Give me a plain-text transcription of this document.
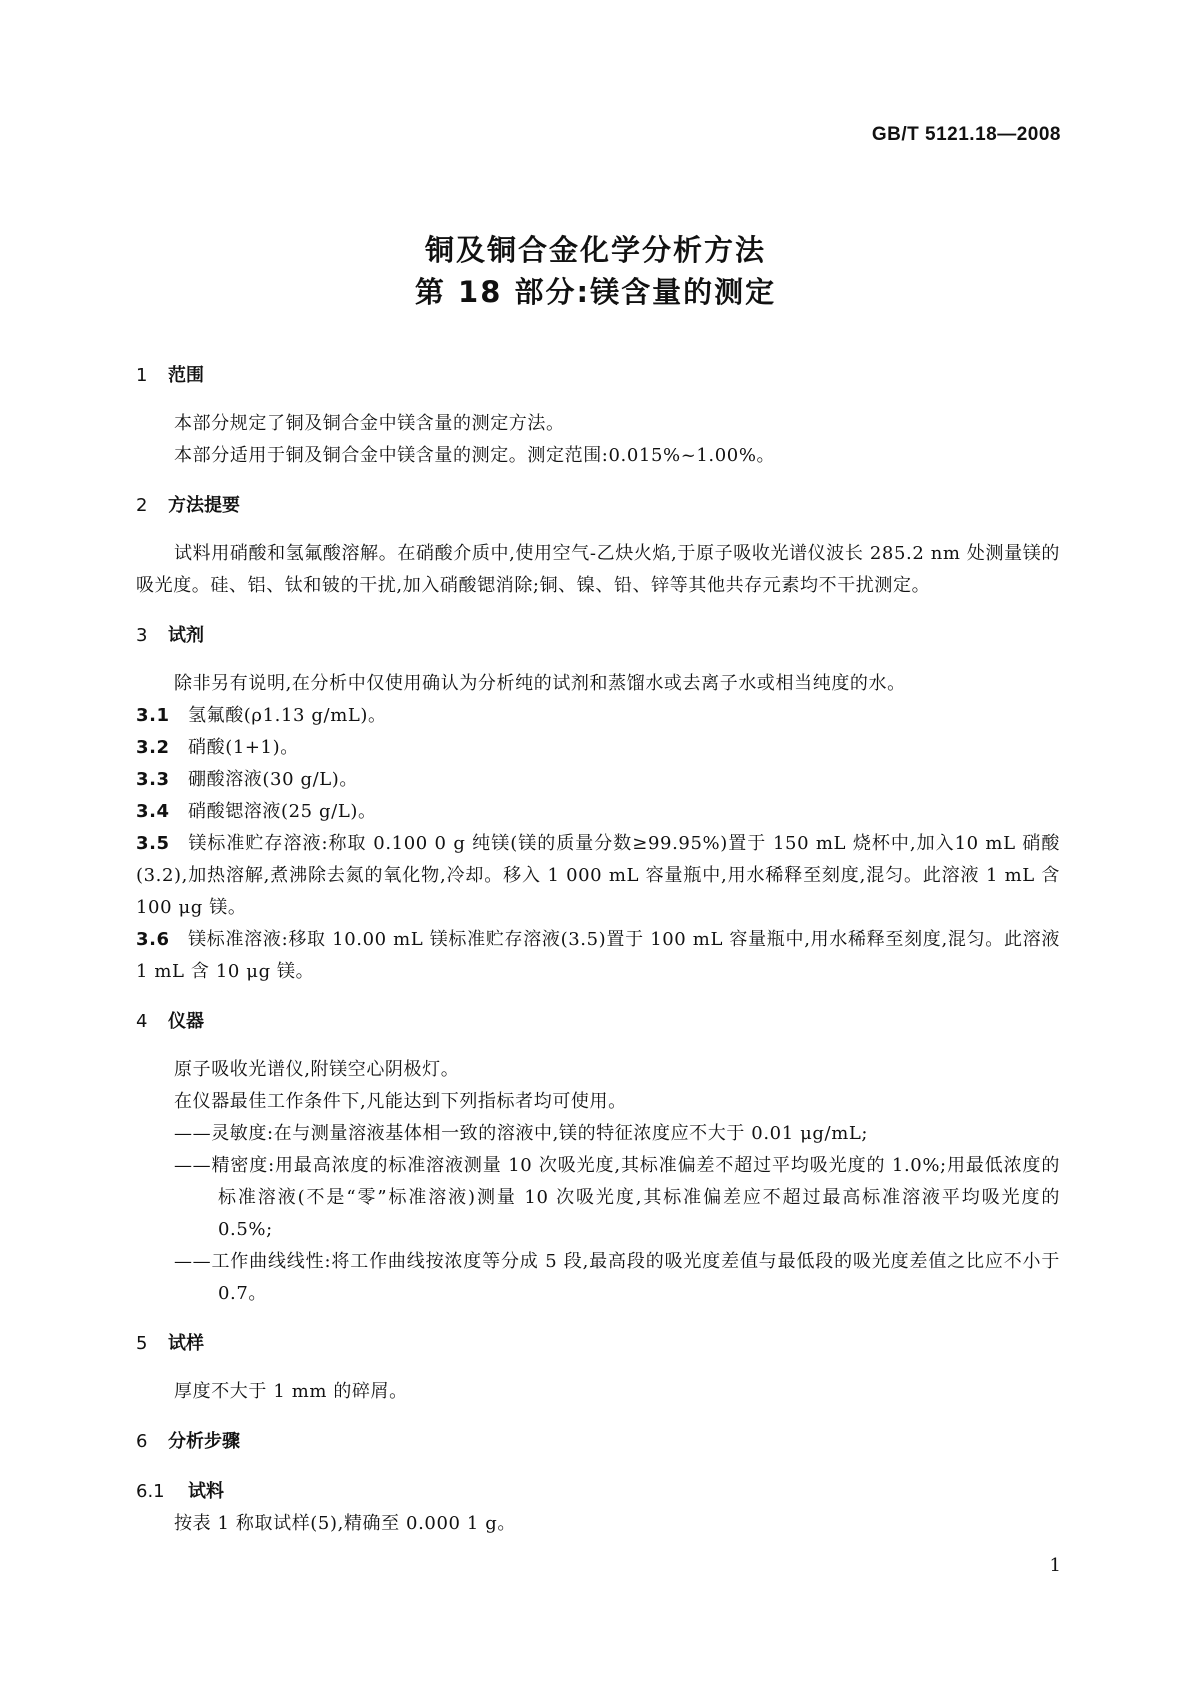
GB/T 5121.18—2008
铜及铜合金化学分析方法
第 18 部分:镁含量的测定

1 范围

本部分规定了铜及铜合金中镁含量的测定方法。

本部分适用于铜及铜合金中镁含量的测定。测定范围:0.015%~1.00%。

2 方法提要

试料用硝酸和氢氟酸溶解。在硝酸介质中,使用空气-乙炔火焰,于原子吸收光谱仪波长 285.2 nm 处测量镁的吸光度。硅、铝、钛和铍的干扰,加入硝酸锶消除;铜、镍、铅、锌等其他共存元素均不干扰测定。

3 试剂

除非另有说明,在分析中仅使用确认为分析纯的试剂和蒸馏水或去离子水或相当纯度的水。

3.1 氢氟酸(ρ1.13 g/mL)。

3.2 硝酸(1+1)。

3.3 硼酸溶液(30 g/L)。

3.4 硝酸锶溶液(25 g/L)。

3.5 镁标准贮存溶液:称取 0.100 0 g 纯镁(镁的质量分数≥99.95%)置于 150 mL 烧杯中,加入10 mL 硝酸(3.2),加热溶解,煮沸除去氮的氧化物,冷却。移入 1 000 mL 容量瓶中,用水稀释至刻度,混匀。此溶液 1 mL 含 100 μg 镁。

3.6 镁标准溶液:移取 10.00 mL 镁标准贮存溶液(3.5)置于 100 mL 容量瓶中,用水稀释至刻度,混匀。此溶液 1 mL 含 10 μg 镁。

4 仪器

原子吸收光谱仪,附镁空心阴极灯。

在仪器最佳工作条件下,凡能达到下列指标者均可使用。

——灵敏度:在与测量溶液基体相一致的溶液中,镁的特征浓度应不大于 0.01 μg/mL;

——精密度:用最高浓度的标准溶液测量 10 次吸光度,其标准偏差不超过平均吸光度的 1.0%;用最低浓度的标准溶液(不是“零”标准溶液)测量 10 次吸光度,其标准偏差应不超过最高标准溶液平均吸光度的 0.5%;

——工作曲线线性:将工作曲线按浓度等分成 5 段,最高段的吸光度差值与最低段的吸光度差值之比应不小于 0.7。

5 试样

厚度不大于 1 mm 的碎屑。

6 分析步骤

6.1 试料

按表 1 称取试样(5),精确至 0.000 1 g。

1
